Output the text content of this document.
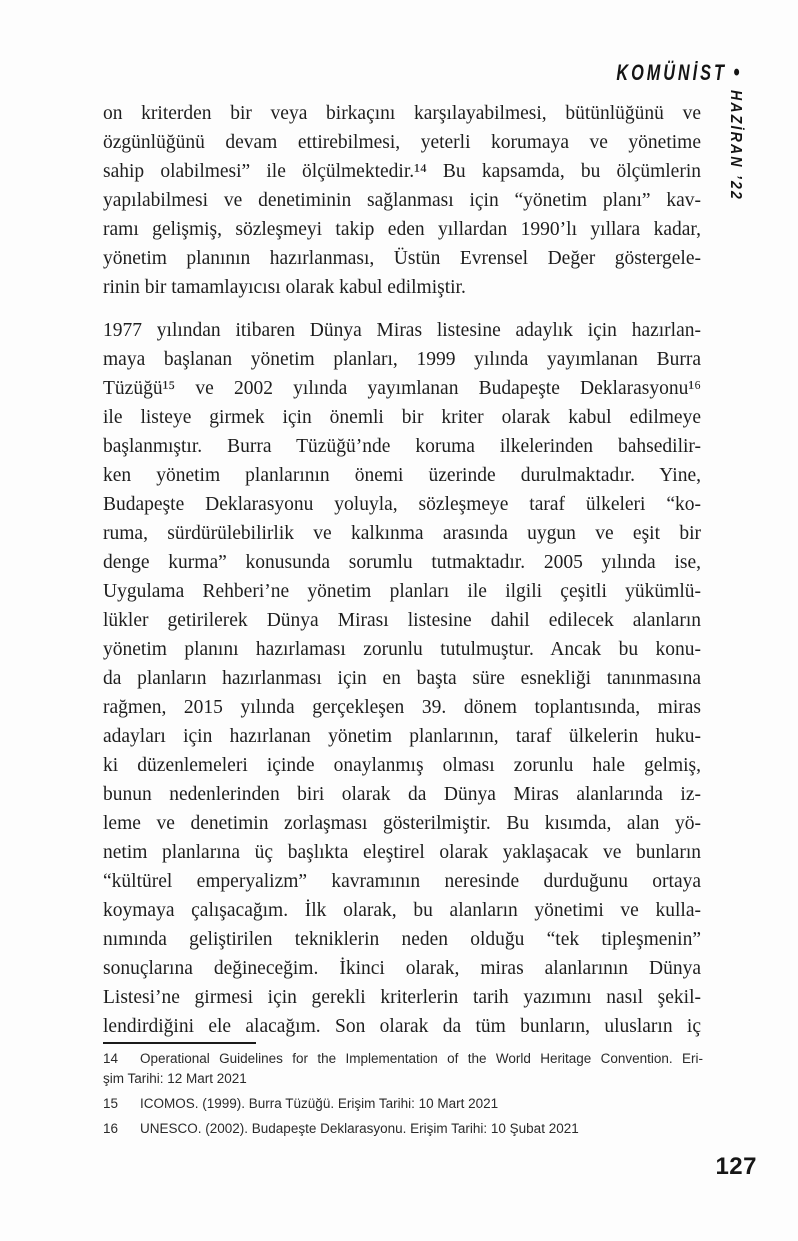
KOMÜNİST •
HAZİRAN ’22
on kriterden bir veya birkaçını karşılayabilmesi, bütünlüğünü ve
özgünlüğünü devam ettirebilmesi, yeterli korumaya ve yönetime
sahip olabilmesi” ile ölçülmektedir.¹⁴ Bu kapsamda, bu ölçümlerin
yapılabilmesi ve denetiminin sağlanması için “yönetim planı” kav-
ramı gelişmiş, sözleşmeyi takip eden yıllardan 1990’lı yıllara kadar,
yönetim planının hazırlanması, Üstün Evrensel Değer göstergele-
rinin bir tamamlayıcısı olarak kabul edilmiştir.
1977 yılından itibaren Dünya Miras listesine adaylık için hazırlan-
maya başlanan yönetim planları, 1999 yılında yayımlanan Burra
Tüzüğü¹⁵ ve 2002 yılında yayımlanan Budapeşte Deklarasyonu¹⁶
ile listeye girmek için önemli bir kriter olarak kabul edilmeye
başlanmıştır. Burra Tüzüğü’nde koruma ilkelerinden bahsedilir-
ken yönetim planlarının önemi üzerinde durulmaktadır. Yine,
Budapeşte Deklarasyonu yoluyla, sözleşmeye taraf ülkeleri “ko-
ruma, sürdürülebilirlik ve kalkınma arasında uygun ve eşit bir
denge kurma” konusunda sorumlu tutmaktadır. 2005 yılında ise,
Uygulama Rehberi’ne yönetim planları ile ilgili çeşitli yükümlü-
lükler getirilerek Dünya Mirası listesine dahil edilecek alanların
yönetim planını hazırlaması zorunlu tutulmuştur. Ancak bu konu-
da planların hazırlanması için en başta süre esnekliği tanınmasına
rağmen, 2015 yılında gerçekleşen 39. dönem toplantısında, miras
adayları için hazırlanan yönetim planlarının, taraf ülkelerin huku-
ki düzenlemeleri içinde onaylanmış olması zorunlu hale gelmiş,
bunun nedenlerinden biri olarak da Dünya Miras alanlarında iz-
leme ve denetimin zorlaşması gösterilmiştir. Bu kısımda, alan yö-
netim planlarına üç başlıkta eleştirel olarak yaklaşacak ve bunların
“kültürel emperyalizm” kavramının neresinde durduğunu ortaya
koymaya çalışacağım. İlk olarak, bu alanların yönetimi ve kulla-
nımında geliştirilen tekniklerin neden olduğu “tek tipleşmenin”
sonuçlarına değineceğim. İkinci olarak, miras alanlarının Dünya
Listesi’ne girmesi için gerekli kriterlerin tarih yazımını nasıl şekil-
lendirdiğini ele alacağım. Son olarak da tüm bunların, ulusların iç
14 Operational Guidelines for the Implementation of the World Heritage Convention. Eri-
şim Tarihi: 12 Mart 2021
15 ICOMOS. (1999). Burra Tüzüğü. Erişim Tarihi: 10 Mart 2021
16 UNESCO. (2002). Budapeşte Deklarasyonu. Erişim Tarihi: 10 Şubat 2021
127
